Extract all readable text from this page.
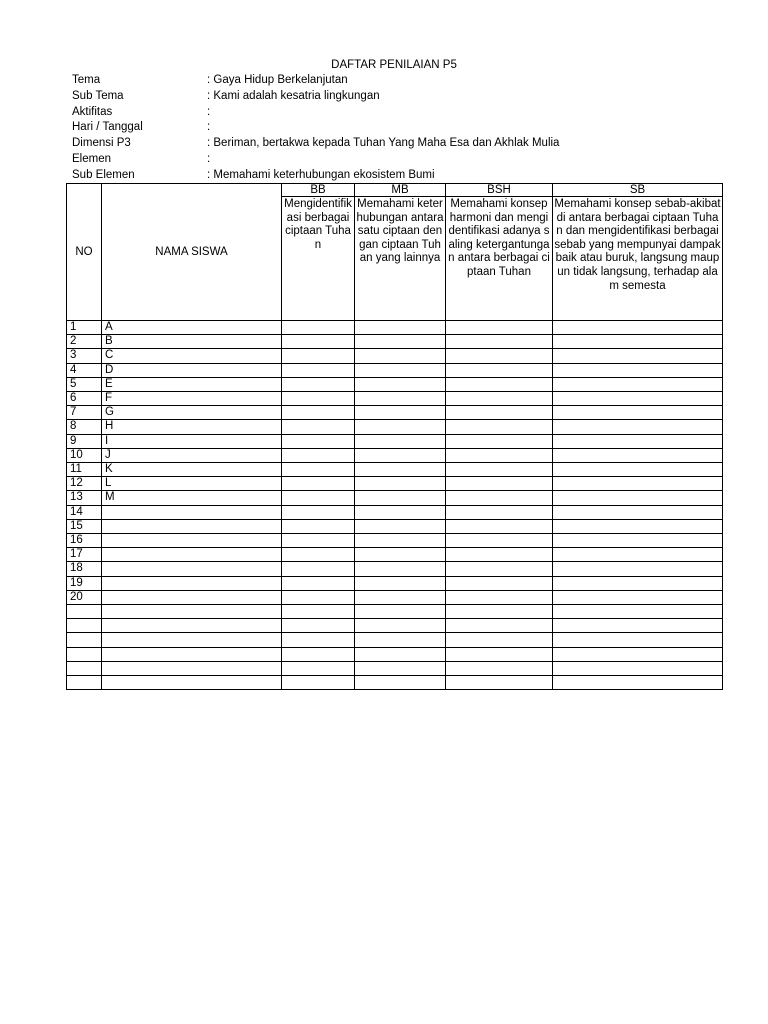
DAFTAR PENILAIAN P5
Tema	: Gaya Hidup Berkelanjutan
Sub Tema	: Kami adalah kesatria lingkungan
Aktifitas	:
Hari / Tanggal	:
Dimensi P3	: Beriman, bertakwa kepada Tuhan Yang Maha Esa dan Akhlak Mulia
Elemen	:
Sub Elemen	: Memahami keterhubungan ekosistem Bumi
NO	NAMA SISWA	BB	MB	BSH	SB
		Mengidentifikasi berbagai ciptaan Tuhan	Memahami keterhubungan antara satu ciptaan dengan ciptaan Tuhan yang lainnya	Memahami konsep harmoni dan mengidentifikasi adanya saling ketergantungan antara berbagai ciptaan Tuhan	Memahami konsep sebab-akibat di antara berbagai ciptaan Tuhan dan mengidentifikasi berbagai sebab yang mempunyai dampak baik atau buruk, langsung maupun tidak langsung, terhadap alam semesta
1	A				
2	B				
3	C				
4	D				
5	E				
6	F				
7	G				
8	H				
9	I				
10	J				
11	K				
12	L				
13	M				
14					
15					
16					
17					
18					
19					
20					
